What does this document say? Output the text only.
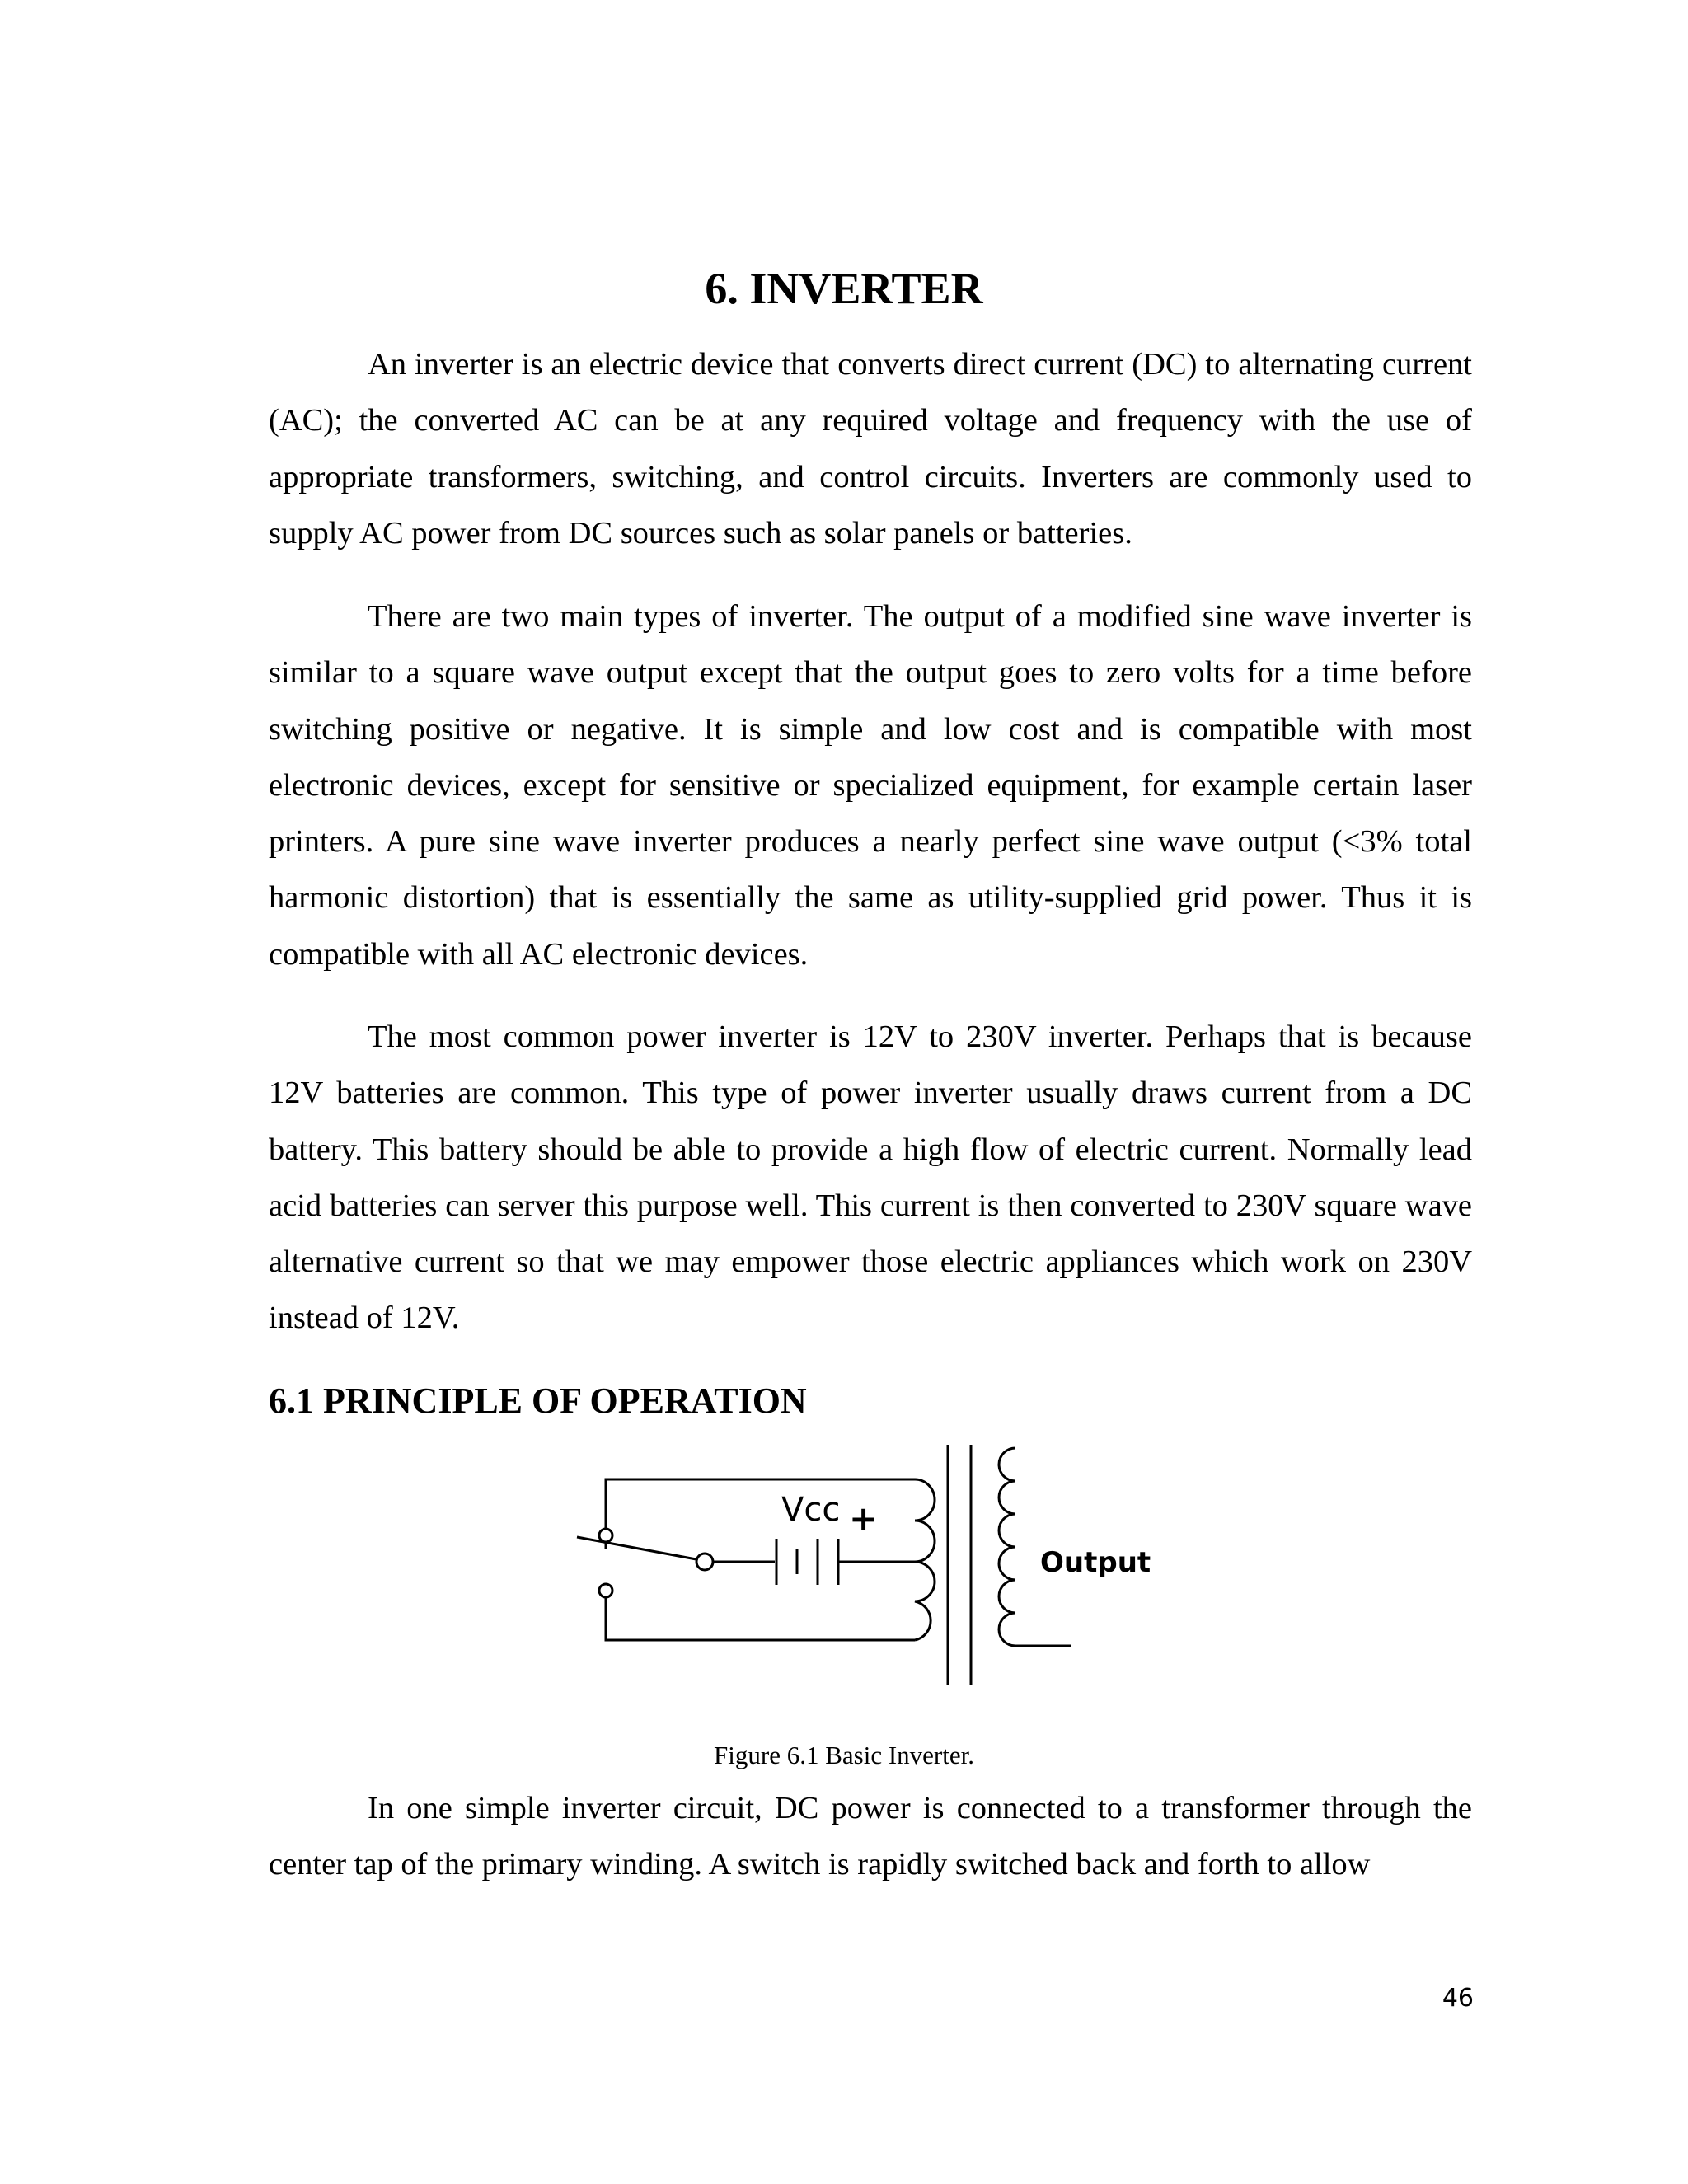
6. INVERTER

An inverter is an electric device that converts direct current (DC) to alternating current (AC); the converted AC can be at any required voltage and frequency with the use of appropriate transformers, switching, and control circuits. Inverters are commonly used to supply AC power from DC sources such as solar panels or batteries.

There are two main types of inverter. The output of a modified sine wave inverter is similar to a square wave output except that the output goes to zero volts for a time before switching positive or negative. It is simple and low cost and is compatible with most electronic devices, except for sensitive or specialized equipment, for example certain laser printers. A pure sine wave inverter produces a nearly perfect sine wave output (<3% total harmonic distortion) that is essentially the same as utility-supplied grid power. Thus it is compatible with all AC electronic devices.

The most common power inverter is 12V to 230V inverter. Perhaps that is because 12V batteries are common. This type of power inverter usually draws current from a DC battery. This battery should be able to provide a high flow of electric current. Normally lead acid batteries can server this purpose well. This current is then converted to 230V square wave alternative current so that we may empower those electric appliances which work on 230V instead of 12V.

6.1 PRINCIPLE OF OPERATION
Vcc +
Output

Figure 6.1 Basic Inverter.

In one simple inverter circuit, DC power is connected to a transformer through the center tap of the primary winding. A switch is rapidly switched back and forth to allow

46
